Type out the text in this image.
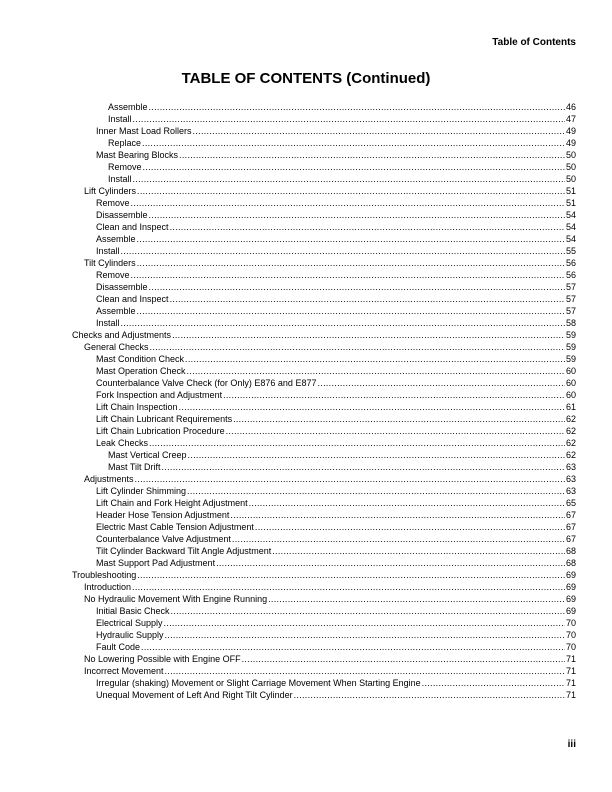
Table of Contents
TABLE OF CONTENTS (Continued)
Assemble .....	46
Install .....	47
Inner Mast Load Rollers .....	49
Replace .....	49
Mast Bearing Blocks .....	50
Remove .....	50
Install .....	50
Lift Cylinders .....	51
Remove .....	51
Disassemble .....	54
Clean and Inspect .....	54
Assemble .....	54
Install .....	55
Tilt Cylinders .....	56
Remove .....	56
Disassemble .....	57
Clean and Inspect .....	57
Assemble .....	57
Install .....	58
Checks and Adjustments .....	59
General Checks .....	59
Mast Condition Check .....	59
Mast Operation Check .....	60
Counterbalance Valve Check (for Only) E876 and E877 .....	60
Fork Inspection and Adjustment .....	60
Lift Chain Inspection .....	61
Lift Chain Lubricant Requirements .....	62
Lift Chain Lubrication Procedure .....	62
Leak Checks .....	62
Mast Vertical Creep .....	62
Mast Tilt Drift .....	63
Adjustments .....	63
Lift Cylinder Shimming .....	63
Lift Chain and Fork Height Adjustment .....	65
Header Hose Tension Adjustment .....	67
Electric Mast Cable Tension Adjustment .....	67
Counterbalance Valve Adjustment .....	67
Tilt Cylinder Backward Tilt Angle Adjustment .....	68
Mast Support Pad Adjustment .....	68
Troubleshooting .....	69
Introduction .....	69
No Hydraulic Movement With Engine Running .....	69
Initial Basic Check .....	69
Electrical Supply .....	70
Hydraulic Supply .....	70
Fault Code .....	70
No Lowering Possible with Engine OFF .....	71
Incorrect Movement .....	71
Irregular (shaking) Movement or Slight Carriage Movement When Starting Engine .....	71
Unequal Movement of Left And Right Tilt Cylinder .....	71
iii
